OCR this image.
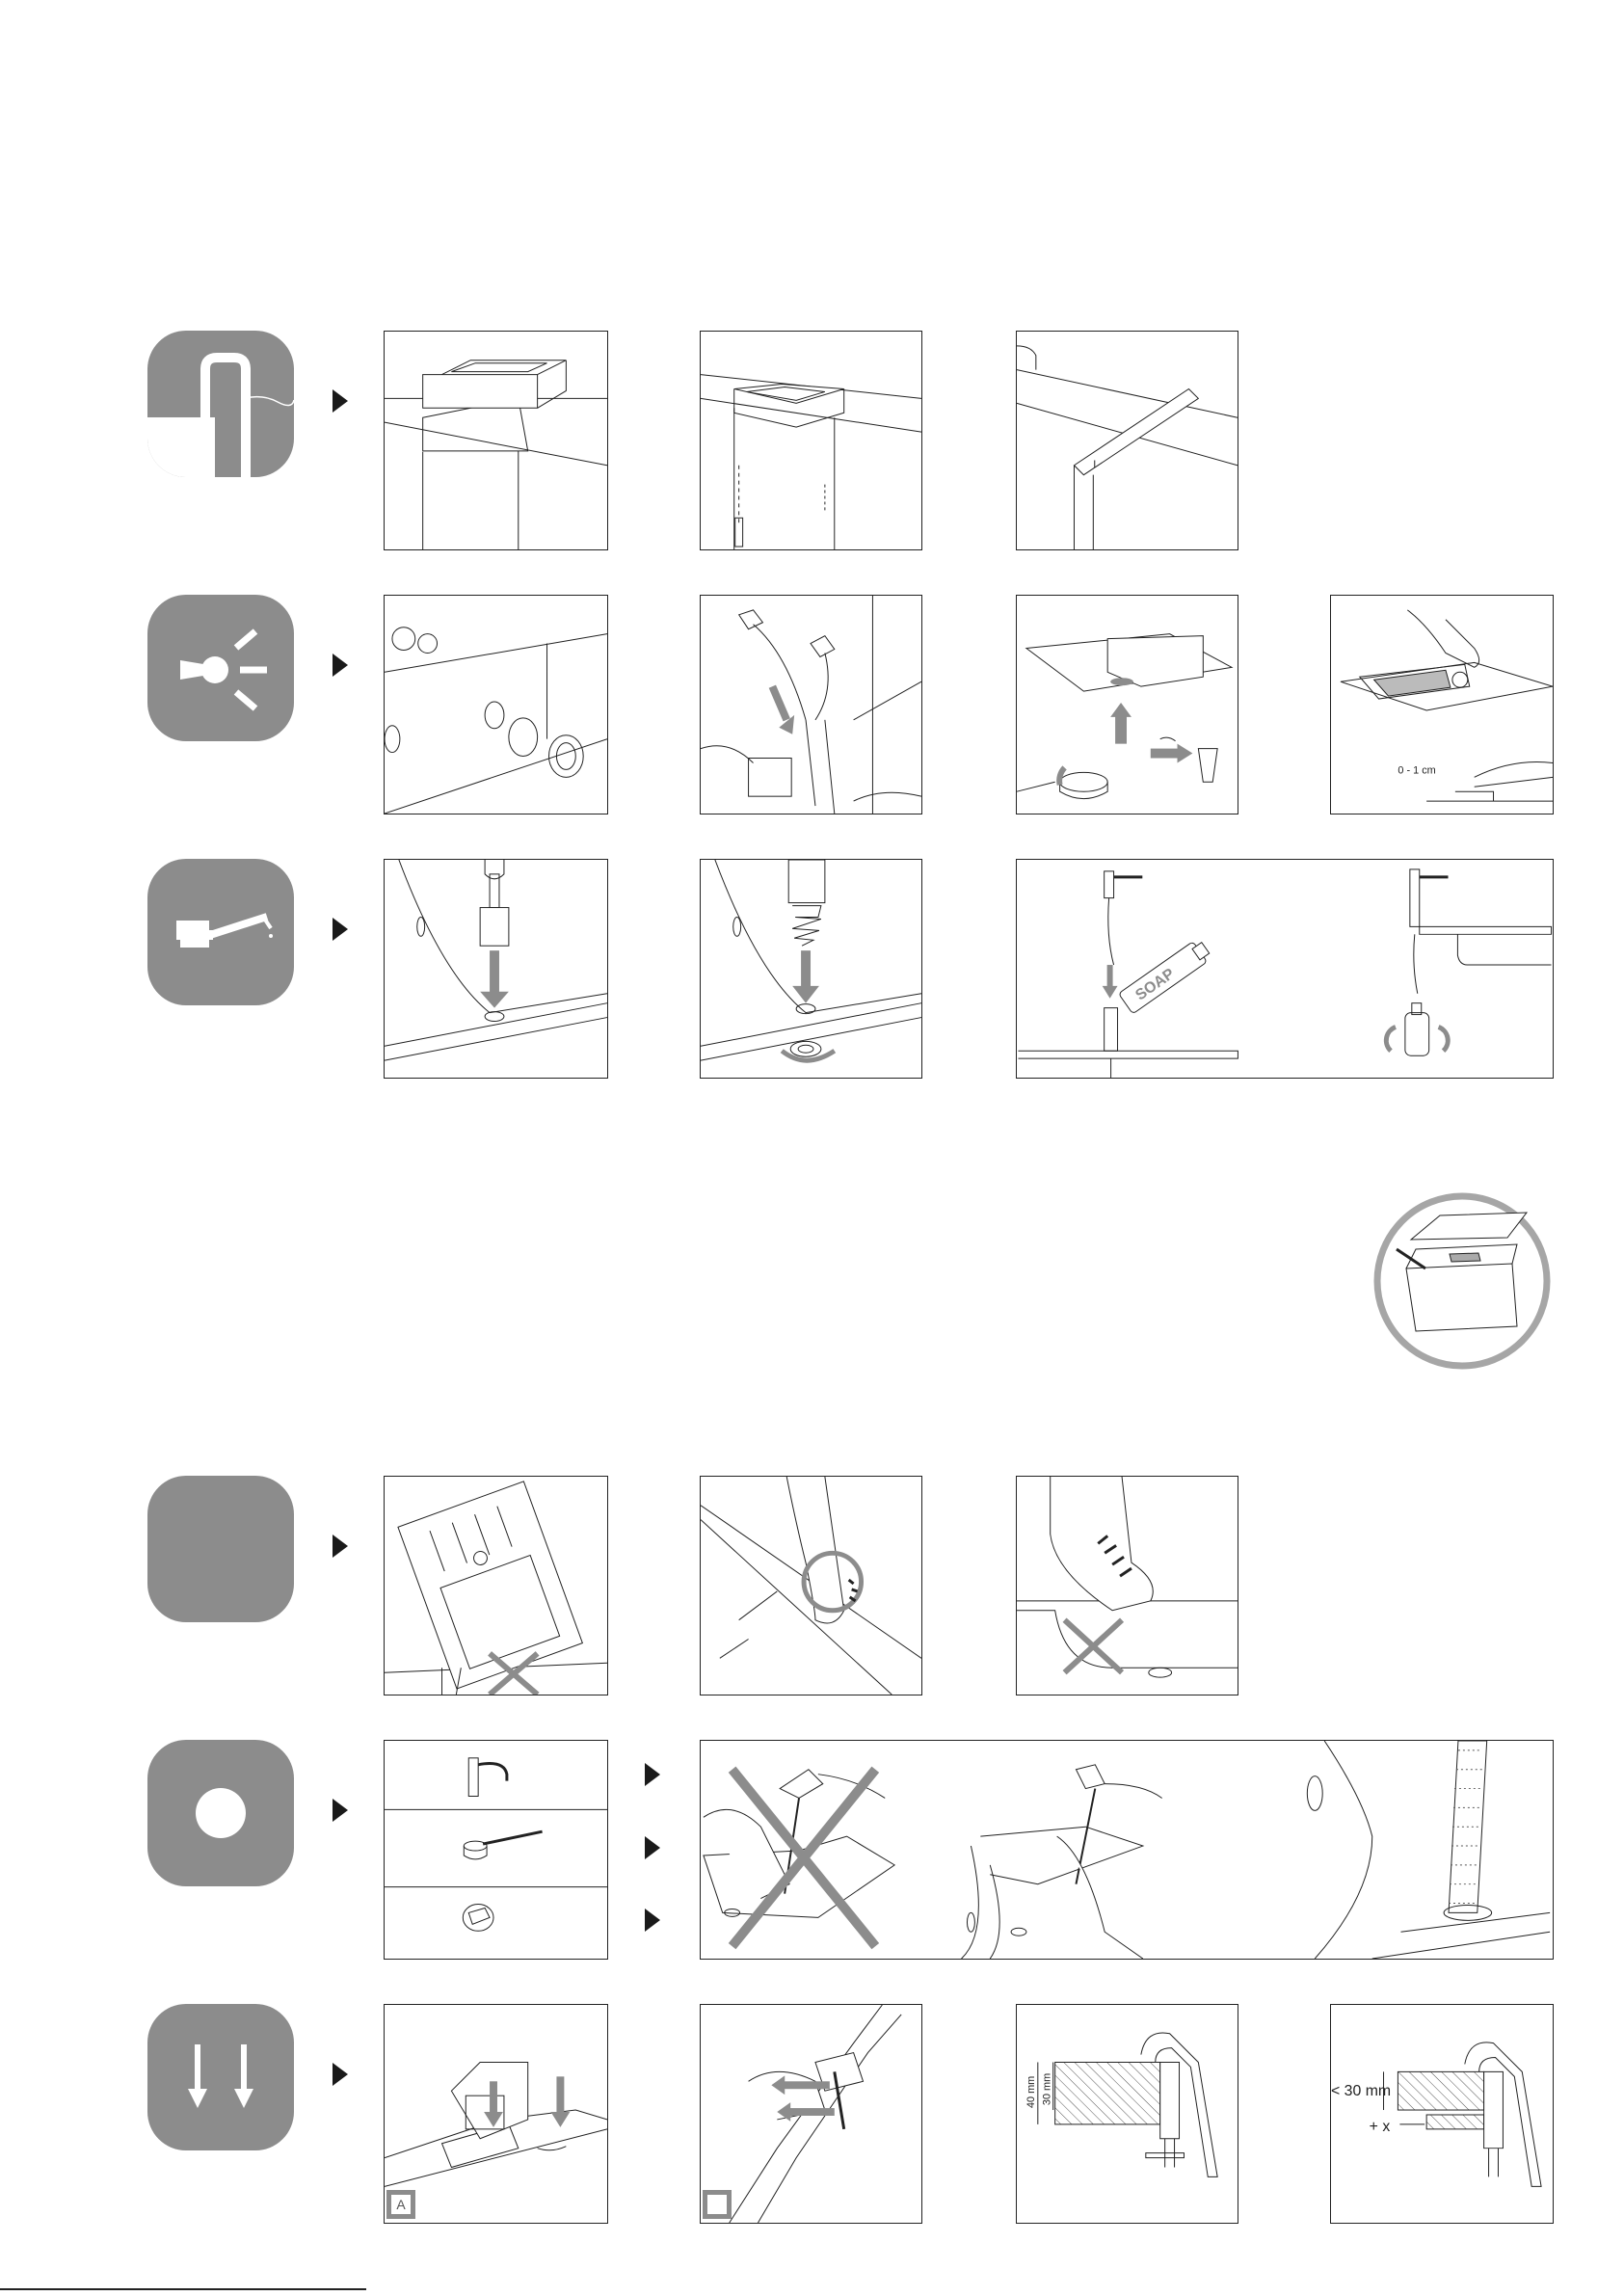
I
0 - 1 cm
SOAP
A
40 mm 30 mm	< 30 mm
+ x
